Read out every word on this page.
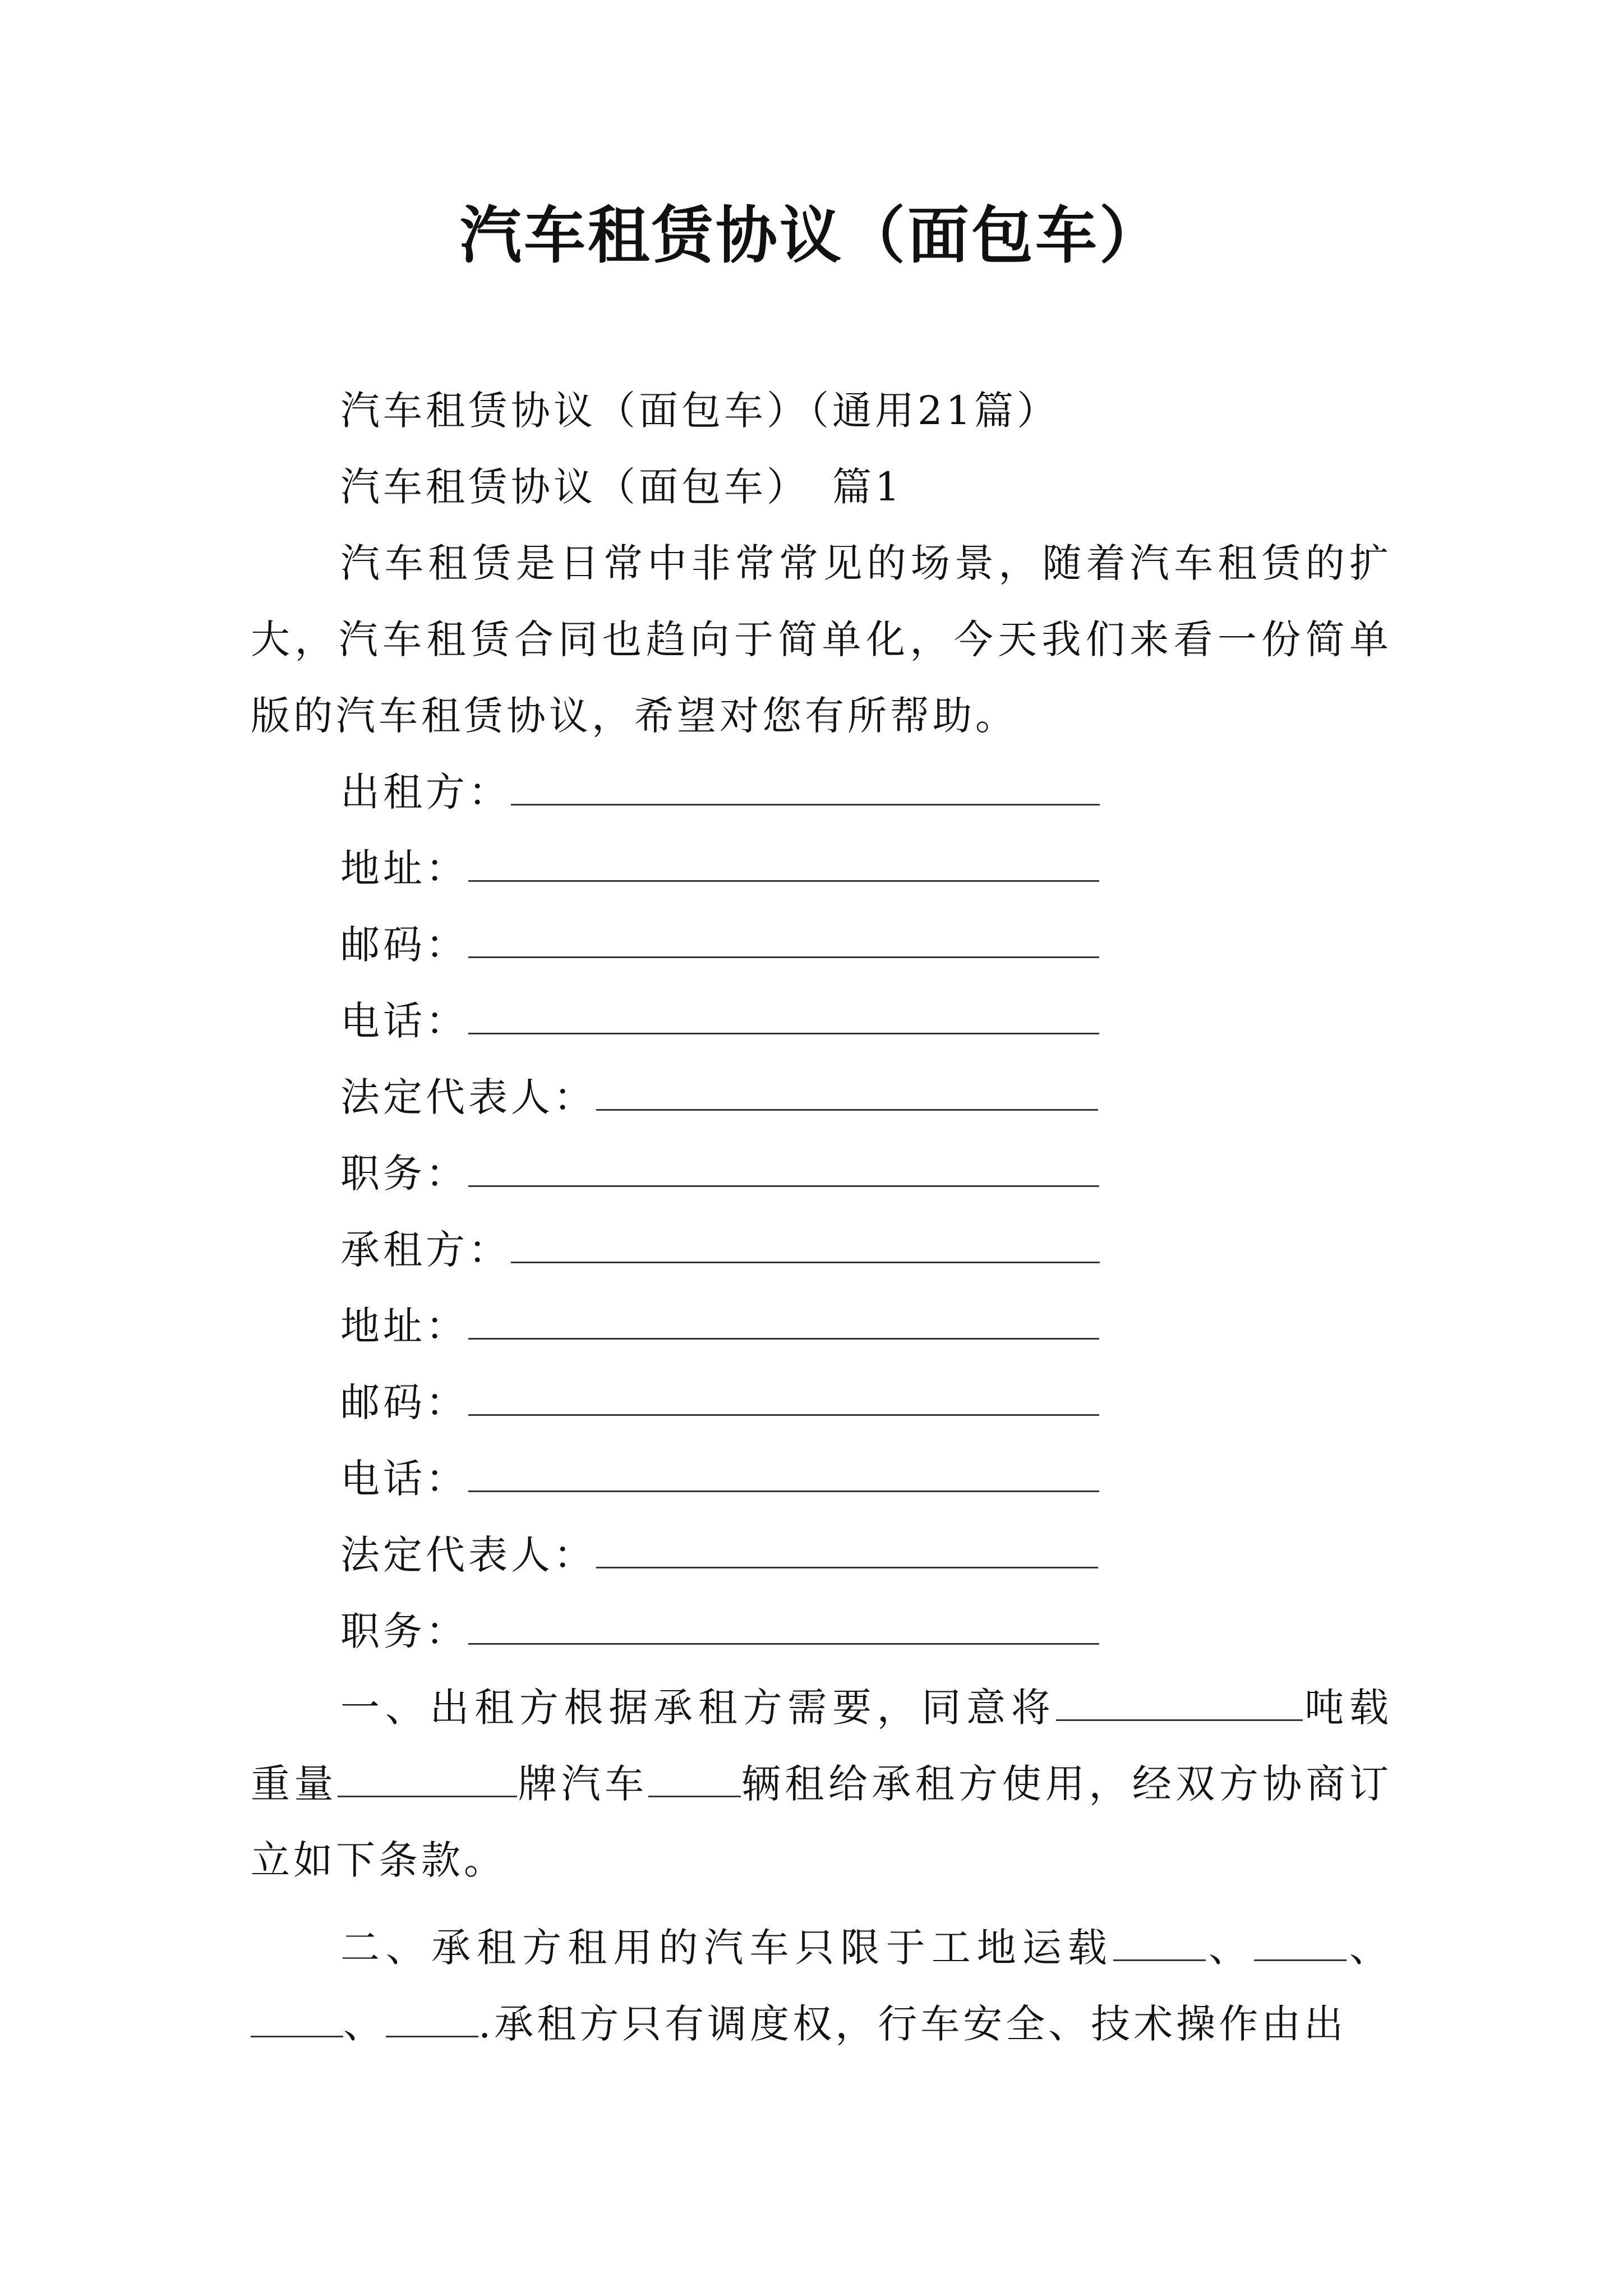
汽车租赁协议（面包车）

汽车租赁协议（面包车）（通用21篇）

汽车租赁协议（面包车）　篇1

汽车租赁是日常中非常常见的场景，随着汽车租赁的扩大，汽车租赁合同也趋向于简单化，今天我们来看一份简单版的汽车租赁协议，希望对您有所帮助。

出租方：
地址：
邮码：
电话：
法定代表人：
职务：
承租方：
地址：
邮码：
电话：
法定代表人：
职务：

一、出租方根据承租方需要，同意将	吨载重量	牌汽车 辆租给承租方使用，经双方协商订立如下条款。

二、承租方租用的汽车只限于工地运载 、 、、 .承租方只有调度权，行车安全、技术操作由出
